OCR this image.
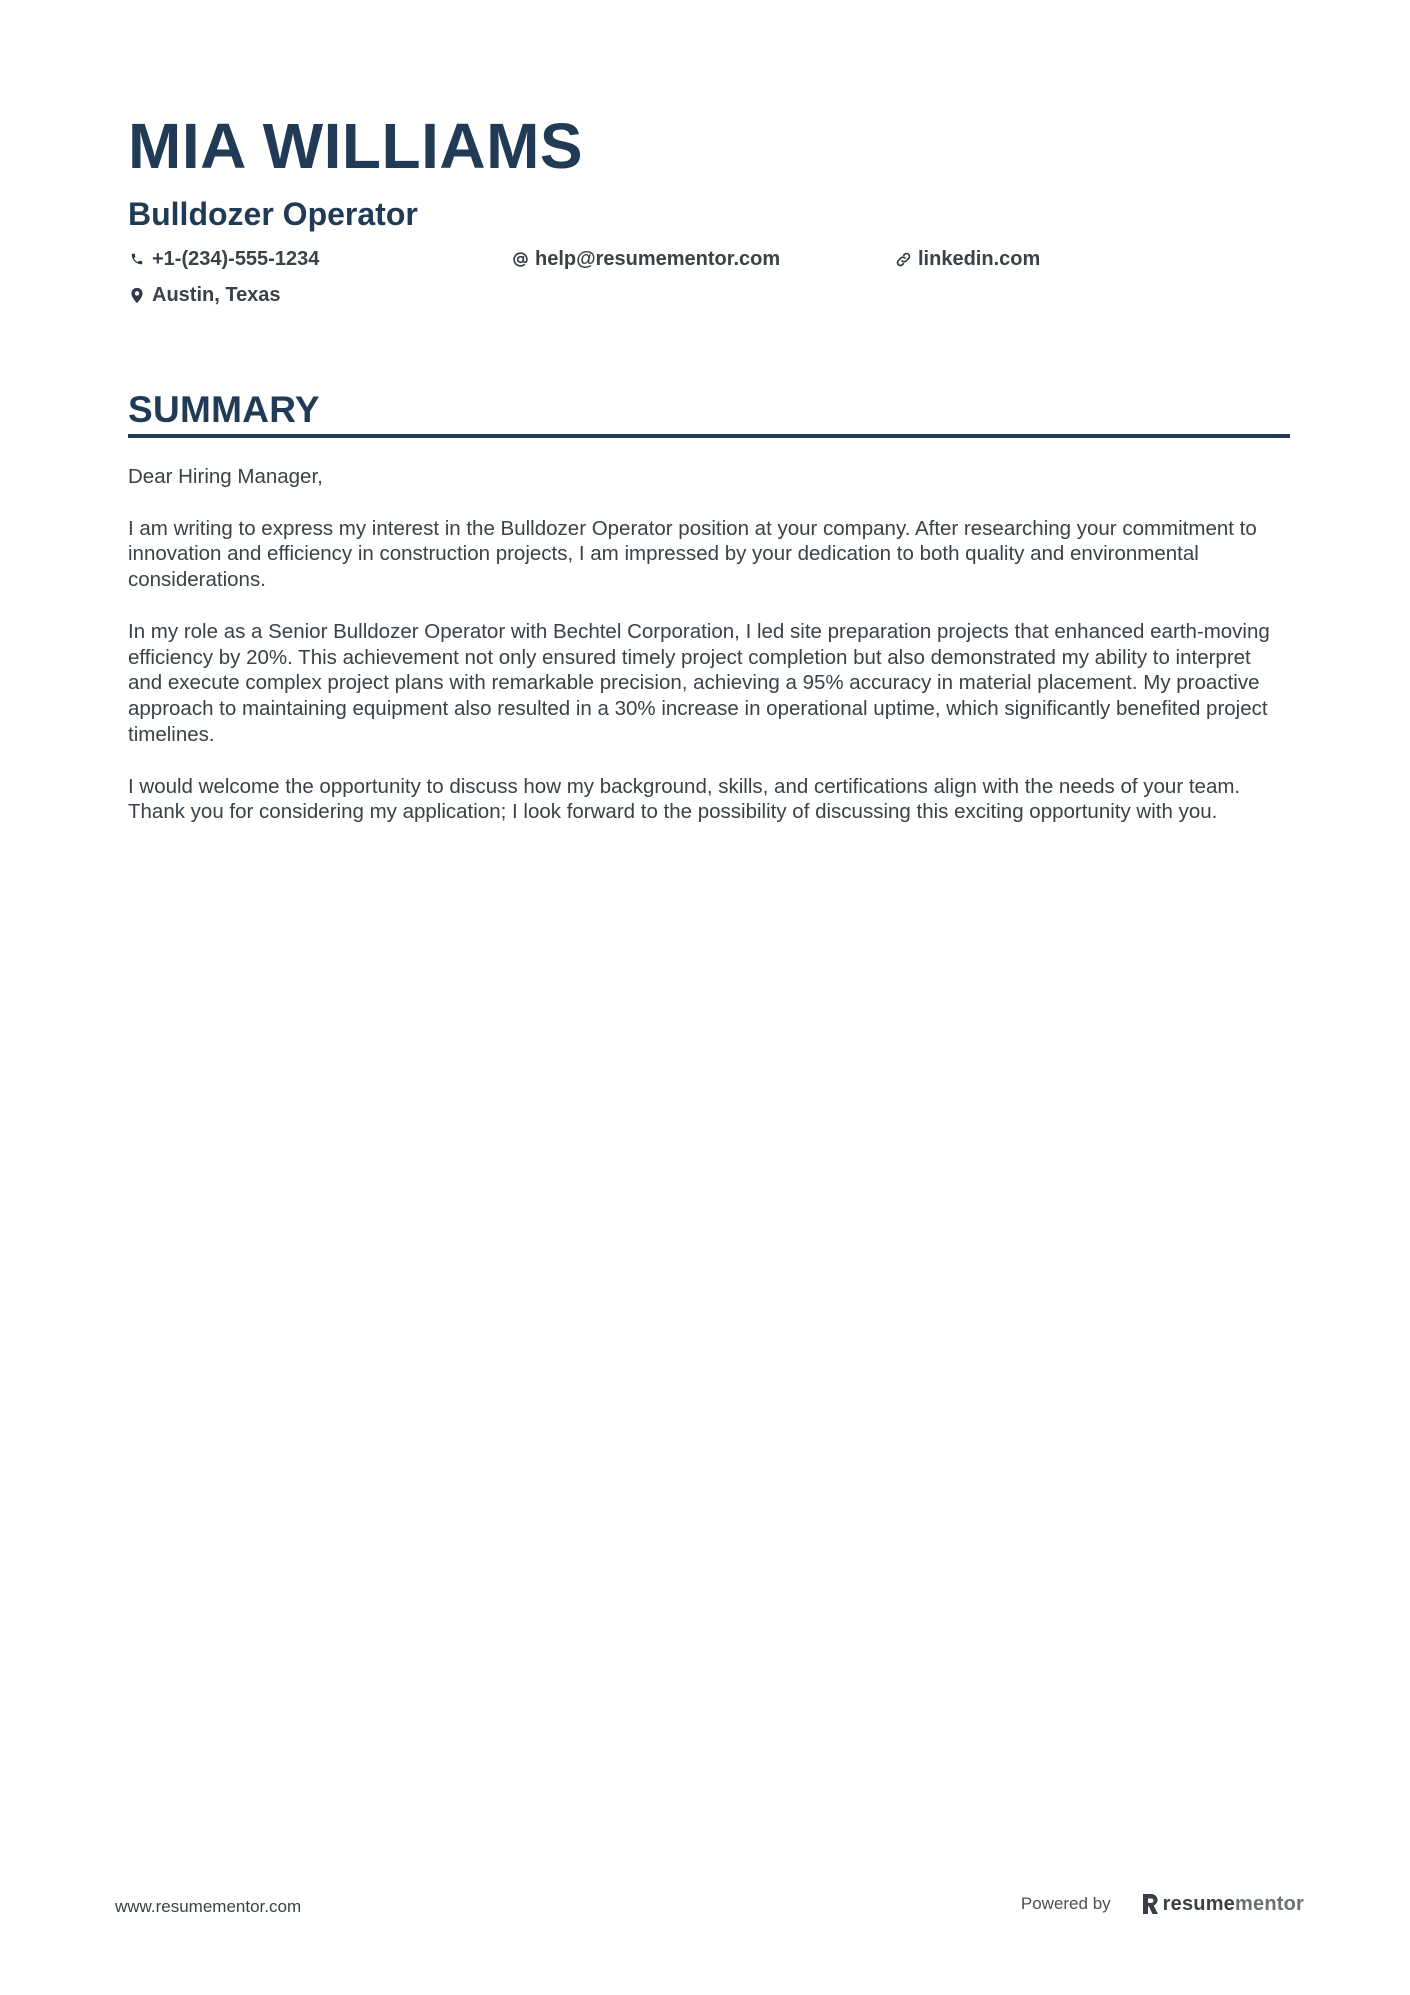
MIA WILLIAMS
Bulldozer Operator
+1-(234)-555-1234	help@resumementor.com	linkedin.com
Austin, Texas
SUMMARY

Dear Hiring Manager,

I am writing to express my interest in the Bulldozer Operator position at your company. After researching your commitment to innovation and efficiency in construction projects, I am impressed by your dedication to both quality and environmental considerations.

In my role as a Senior Bulldozer Operator with Bechtel Corporation, I led site preparation projects that enhanced earth-moving efficiency by 20%. This achievement not only ensured timely project completion but also demonstrated my ability to interpret and execute complex project plans with remarkable precision, achieving a 95% accuracy in material placement. My proactive approach to maintaining equipment also resulted in a 30% increase in operational uptime, which significantly benefited project timelines.

I would welcome the opportunity to discuss how my background, skills, and certifications align with the needs of your team. Thank you for considering my application; I look forward to the possibility of discussing this exciting opportunity with you.

www.resumementor.com	Powered by	resumementor
